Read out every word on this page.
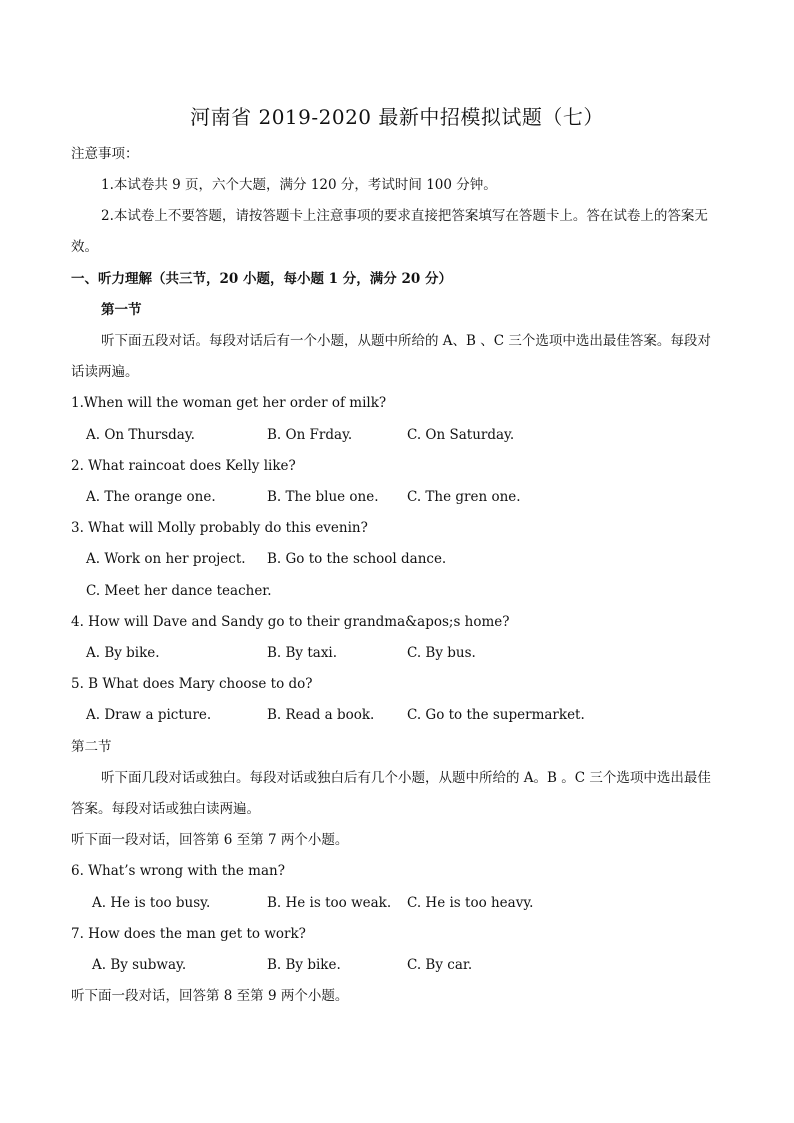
河南省 2019-2020 最新中招模拟试题（七）
注意事项：
1.本试卷共 9 页，六个大题，满分 120 分，考试时间 100 分钟。
2.本试卷上不要答题，请按答题卡上注意事项的要求直接把答案填写在答题卡上。答在试卷上的答案无
效。
一、听力理解（共三节，20 小题，每小题 1 分，满分 20 分）
第一节
听下面五段对话。每段对话后有一个小题，从题中所给的 A、B 、C 三个选项中选出最佳答案。每段对
话读两遍。
1.When will the woman get her order of milk?
A. On Thursday.	B. On Frday.	C. On Saturday.
2. What raincoat does Kelly like?
A. The orange one.	B. The blue one. C. The gren one.
3. What will Molly probably do this evenin?
A. Work on her project. B. Go to the school dance.
C. Meet her dance teacher.
4. How will Dave and Sandy go to their grandma&apos;s home?
A. By bike.	B. By taxi.	C. By bus.
5. B What does Mary choose to do?
A. Draw a picture.	B. Read a book. C. Go to the supermarket.
第二节
听下面几段对话或独白。每段对话或独白后有几个小题，从题中所给的 A。B 。C 三个选项中选出最佳
答案。每段对话或独白读两遍。
听下面一段对话，回答第 6 至第 7 两个小题。
6. What’s wrong with the man?
A. He is too busy.	B. He is too weak. C. He is too heavy.
7. How does the man get to work?
A. By subway.	B. By bike.	C. By car.
听下面一段对话，回答第 8 至第 9 两个小题。
